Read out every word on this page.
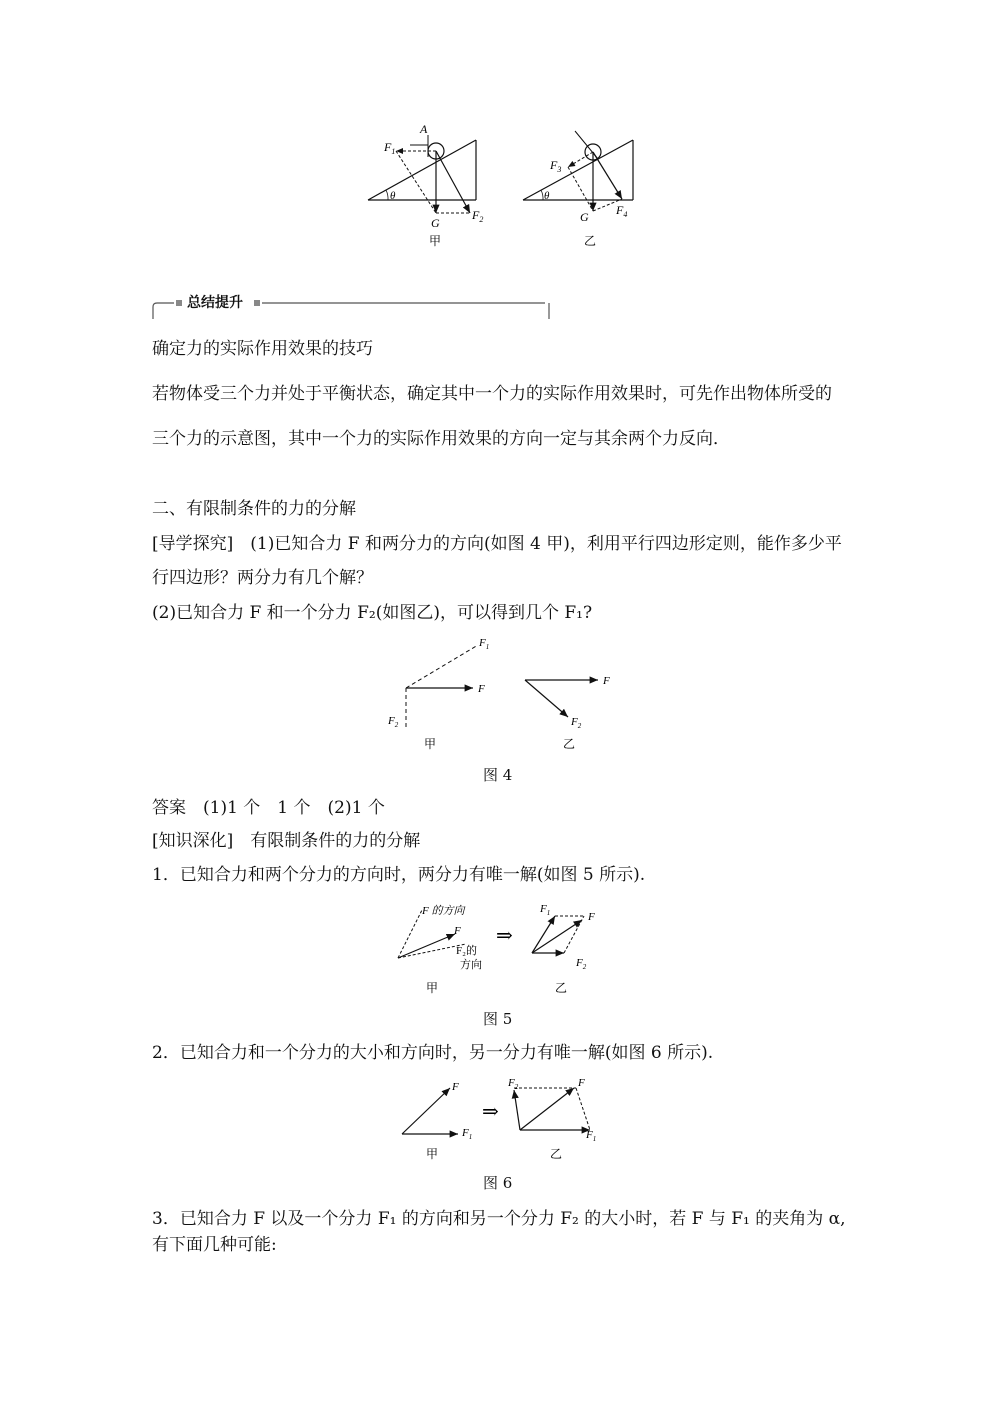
A
$F_1$
θ
G
$F_2$
甲
$F_3$
θ
G $F_4$
乙
总结提升
确定力的实际作用效果的技巧
若物体受三个力并处于平衡状态，确定其中一个力的实际作用效果时，可先作出物体所受的
三个力的示意图，其中一个力的实际作用效果的方向一定与其余两个力反向．
二、有限制条件的力的分解
[导学探究]　 (1)已知合力 F 和两分力的方向(如图 4 甲)，利用平行四边形定则，能作多少平
行四边形？两分力有几个解？
(2)已知合力 F 和一个分力 F₂(如图乙)，可以得到几个 F₁?
$F_1$
F
$F_2$
甲
F
$F_2$
乙
图 4
答案　 (1)1 个　1 个　(2)1 个
[知识深化]　 有限制条件的力的分解
1．已知合力和两个分力的方向时，两分力有唯一解(如图 5 所示).
F 的方向
F
F₂的
方向
甲
⇒
$F_1$	F
$F_2$
乙
图 5
2．已知合力和一个分力的大小和方向时，另一分力有唯一解(如图 6 所示).
F
$F_1$
甲
⇒
$F_2$	F
$F_1$
乙
图 6
3．已知合力 F 以及一个分力 F₁ 的方向和另一个分力 F₂ 的大小时，若 F 与 F₁ 的夹角为 α,
有下面几种可能:
